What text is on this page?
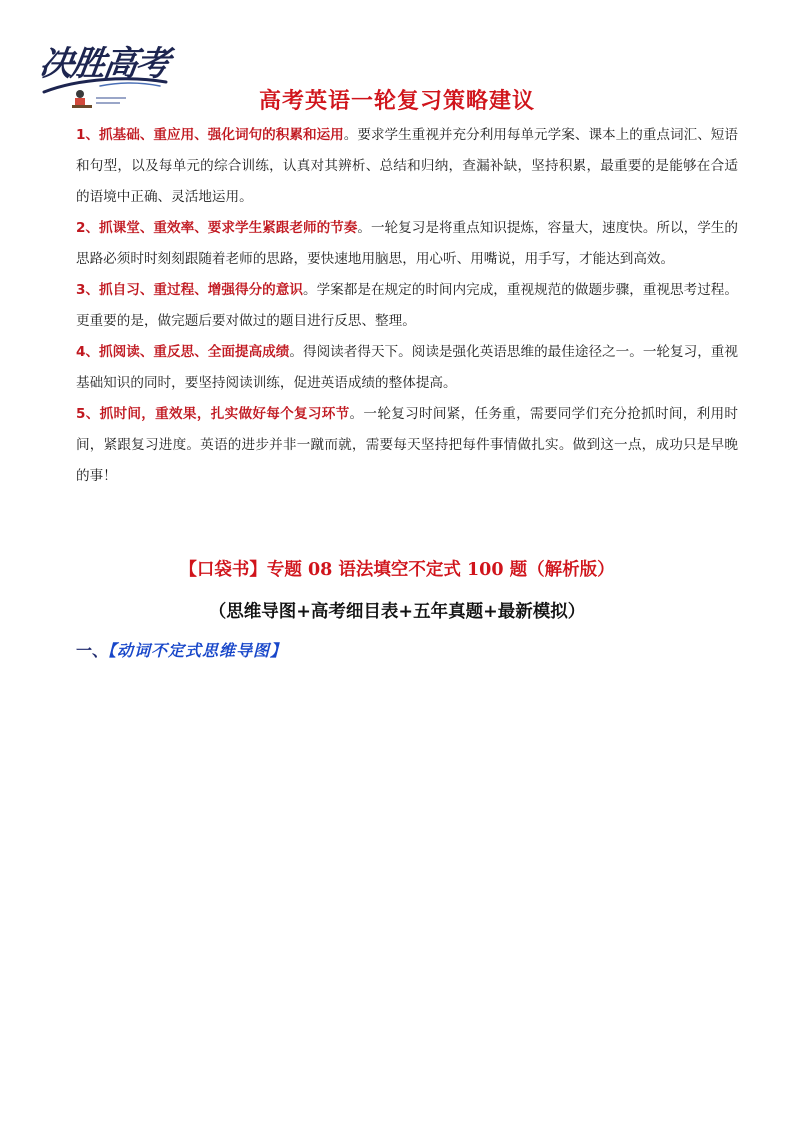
决胜高考
高考英语一轮复习策略建议

1、抓基础、重应用、强化词句的积累和运用。要求学生重视并充分利用每单元学案、课本上的重点词汇、短语和句型，以及每单元的综合训练，认真对其辨析、总结和归纳，查漏补缺，坚持积累，最重要的是能够在合适的语境中正确、灵活地运用。

2、抓课堂、重效率、要求学生紧跟老师的节奏。一轮复习是将重点知识提炼，容量大，速度快。所以，学生的思路必须时时刻刻跟随着老师的思路，要快速地用脑思，用心听、用嘴说，用手写，才能达到高效。

3、抓自习、重过程、增强得分的意识。学案都是在规定的时间内完成，重视规范的做题步骤，重视思考过程。更重要的是，做完题后要对做过的题目进行反思、整理。

4、抓阅读、重反思、全面提高成绩。得阅读者得天下。阅读是强化英语思维的最佳途径之一。一轮复习，重视基础知识的同时，要坚持阅读训练，促进英语成绩的整体提高。

5、抓时间，重效果，扎实做好每个复习环节。一轮复习时间紧，任务重，需要同学们充分抢抓时间，利用时间，紧跟复习进度。英语的进步并非一蹴而就，需要每天坚持把每件事情做扎实。做到这一点，成功只是早晚的事！

【口袋书】专题 08 语法填空不定式 100 题（解析版）
（思维导图+高考细目表+五年真题+最新模拟）
一、【动词不定式思维导图】
